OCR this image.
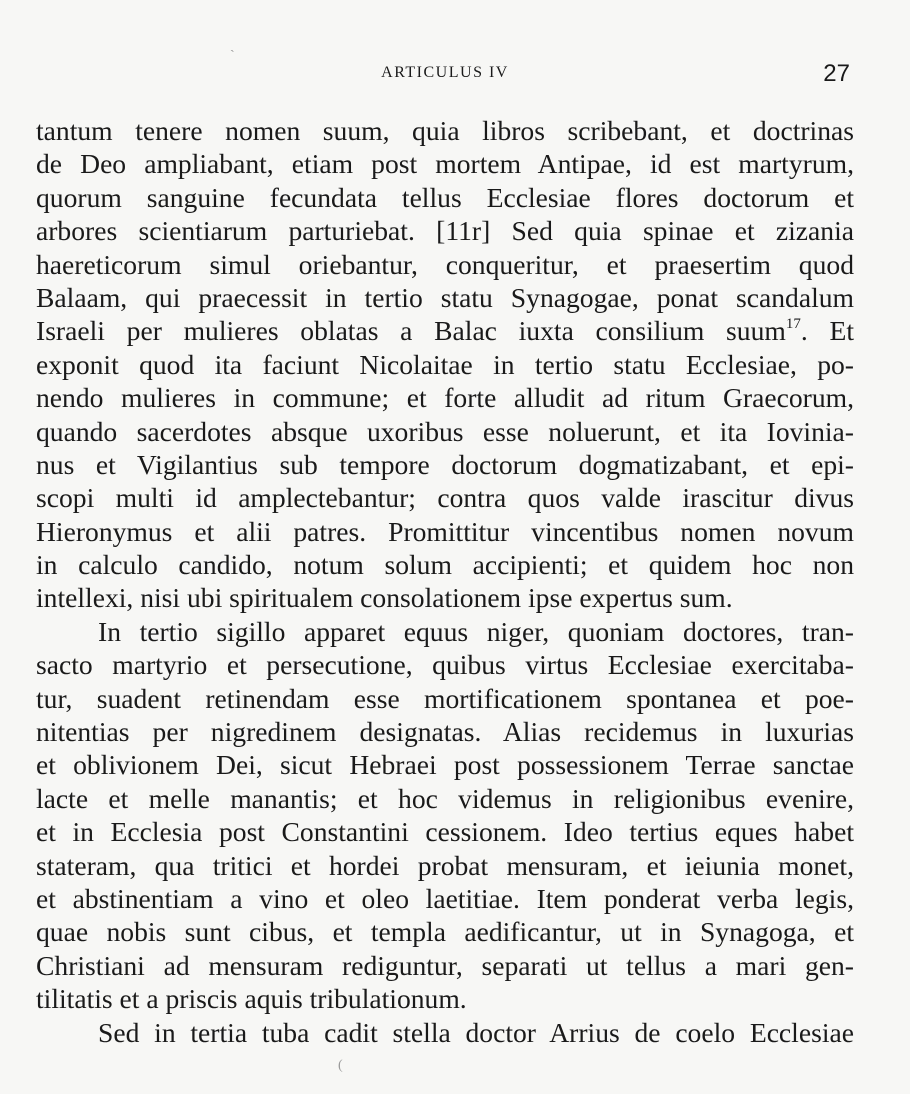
ARTICULUS IV	27
tantum tenere nomen suum, quia libros scribebant, et doctrinas
de Deo ampliabant, etiam post mortem Antipae, id est martyrum,
quorum sanguine fecundata tellus Ecclesiae flores doctorum et
arbores scientiarum parturiebat. [11r] Sed quia spinae et zizania
haereticorum simul oriebantur, conqueritur, et praesertim quod
Balaam, qui praecessit in tertio statu Synagogae, ponat scandalum
Israeli per mulieres oblatas a Balac iuxta consilium suum$^{17}$. Et
exponit quod ita faciunt Nicolaitae in tertio statu Ecclesiae, po-
nendo mulieres in commune; et forte alludit ad ritum Graecorum,
quando sacerdotes absque uxoribus esse noluerunt, et ita Iovinia-
nus et Vigilantius sub tempore doctorum dogmatizabant, et epi-
scopi multi id amplectebantur; contra quos valde irascitur divus
Hieronymus et alii patres. Promittitur vincentibus nomen novum
in calculo candido, notum solum accipienti; et quidem hoc non
intellexi, nisi ubi spiritualem consolationem ipse expertus sum.
In tertio sigillo apparet equus niger, quoniam doctores, tran-
sacto martyrio et persecutione, quibus virtus Ecclesiae exercitaba-
tur, suadent retinendam esse mortificationem spontanea et poe-
nitentias per nigredinem designatas. Alias recidemus in luxurias
et oblivionem Dei, sicut Hebraei post possessionem Terrae sanctae
lacte et melle manantis; et hoc videmus in religionibus evenire,
et in Ecclesia post Constantini cessionem. Ideo tertius eques habet
stateram, qua tritici et hordei probat mensuram, et ieiunia monet,
et abstinentiam a vino et oleo laetitiae. Item ponderat verba legis,
quae nobis sunt cibus, et templa aedificantur, ut in Synagoga, et
Christiani ad mensuram rediguntur, separati ut tellus a mari gen-
tilitatis et a priscis aquis tribulationum.
Sed in tertia tuba cadit stella doctor Arrius de coelo Ecclesiae
ˎ
(
